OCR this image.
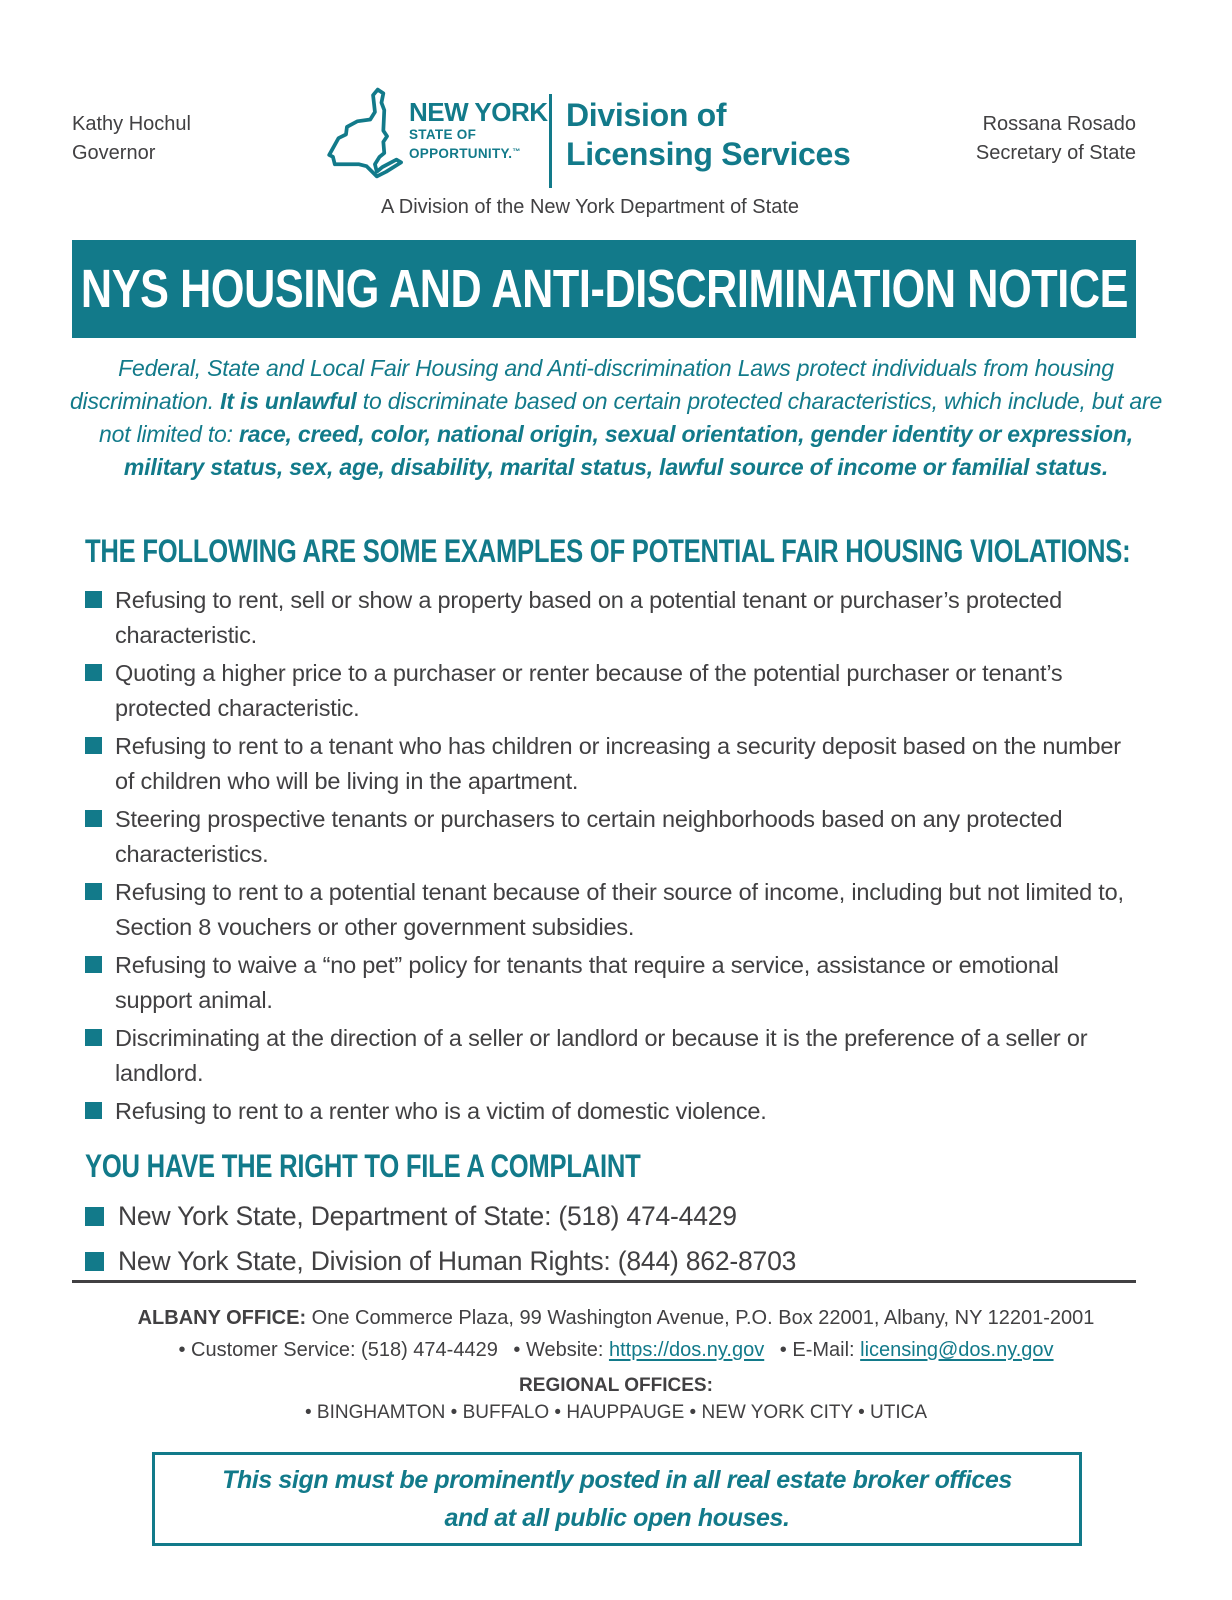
Kathy Hochul
Governor
NEW YORK
STATE OF
OPPORTUNITY.™
Division of
Licensing Services
Rossana Rosado
Secretary of State
A Division of the New York Department of State
NYS HOUSING AND ANTI-DISCRIMINATION NOTICE
Federal, State and Local Fair Housing and Anti-discrimination Laws protect individuals from housing discrimination. It is unlawful to discriminate based on certain protected characteristics, which include, but are not limited to: race, creed, color, national origin, sexual orientation, gender identity or expression, military status, sex, age, disability, marital status, lawful source of income or familial status.
THE FOLLOWING ARE SOME EXAMPLES OF POTENTIAL FAIR HOUSING VIOLATIONS:
Refusing to rent, sell or show a property based on a potential tenant or purchaser’s protected characteristic.
Quoting a higher price to a purchaser or renter because of the potential purchaser or tenant’s protected characteristic.
Refusing to rent to a tenant who has children or increasing a security deposit based on the number of children who will be living in the apartment.
Steering prospective tenants or purchasers to certain neighborhoods based on any protected characteristics.
Refusing to rent to a potential tenant because of their source of income, including but not limited to, Section 8 vouchers or other government subsidies.
Refusing to waive a “no pet” policy for tenants that require a service, assistance or emotional support animal.
Discriminating at the direction of a seller or landlord or because it is the preference of a seller or landlord.
Refusing to rent to a renter who is a victim of domestic violence.
YOU HAVE THE RIGHT TO FILE A COMPLAINT
New York State, Department of State: (518) 474-4429
New York State, Division of Human Rights: (844) 862-8703
ALBANY OFFICE: One Commerce Plaza, 99 Washington Avenue, P.O. Box 22001, Albany, NY 12201-2001
• Customer Service: (518) 474-4429 • Website: https://dos.ny.gov • E-Mail: licensing@dos.ny.gov
REGIONAL OFFICES:
• BINGHAMTON • BUFFALO • HAUPPAUGE • NEW YORK CITY • UTICA
This sign must be prominently posted in all real estate broker offices
and at all public open houses.
